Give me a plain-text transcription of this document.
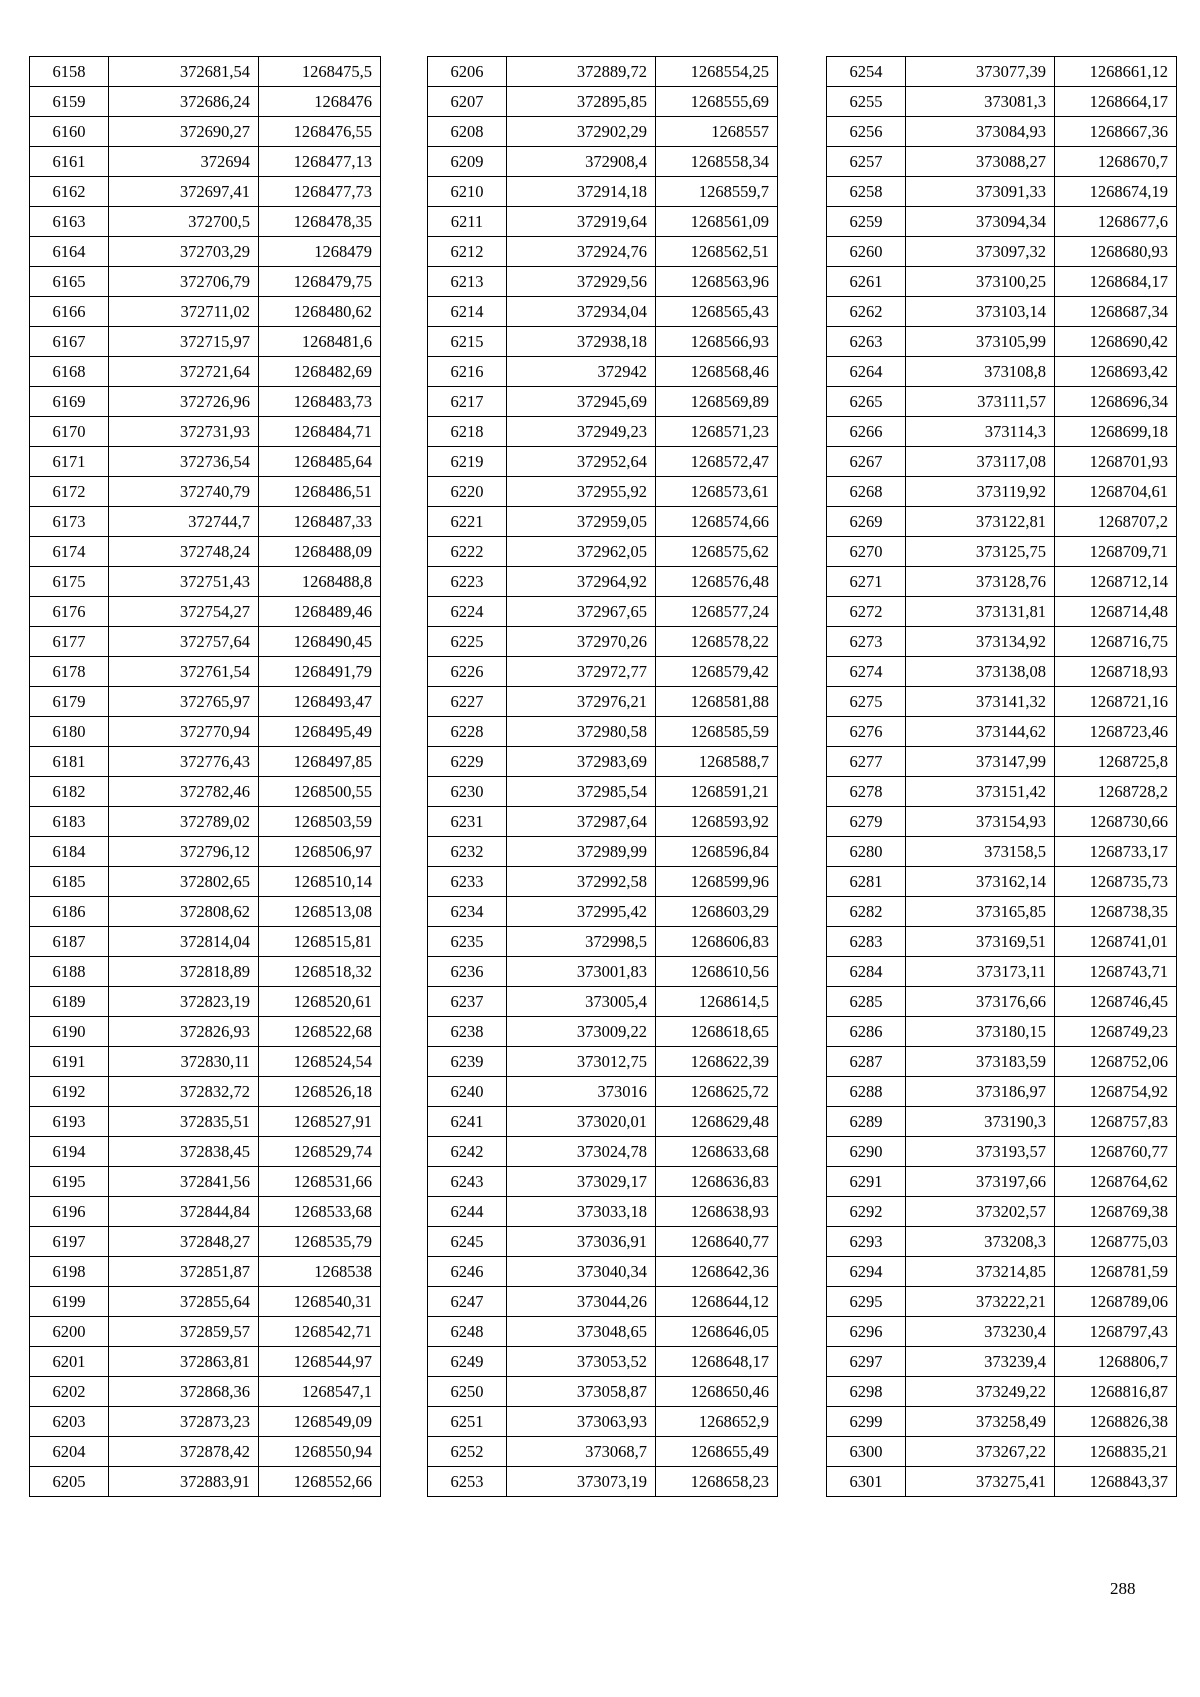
6158	372681,54	1268475,5
6159	372686,24	1268476
6160	372690,27	1268476,55
6161	372694	1268477,13
6162	372697,41	1268477,73
6163	372700,5	1268478,35
6164	372703,29	1268479
6165	372706,79	1268479,75
6166	372711,02	1268480,62
6167	372715,97	1268481,6
6168	372721,64	1268482,69
6169	372726,96	1268483,73
6170	372731,93	1268484,71
6171	372736,54	1268485,64
6172	372740,79	1268486,51
6173	372744,7	1268487,33
6174	372748,24	1268488,09
6175	372751,43	1268488,8
6176	372754,27	1268489,46
6177	372757,64	1268490,45
6178	372761,54	1268491,79
6179	372765,97	1268493,47
6180	372770,94	1268495,49
6181	372776,43	1268497,85
6182	372782,46	1268500,55
6183	372789,02	1268503,59
6184	372796,12	1268506,97
6185	372802,65	1268510,14
6186	372808,62	1268513,08
6187	372814,04	1268515,81
6188	372818,89	1268518,32
6189	372823,19	1268520,61
6190	372826,93	1268522,68
6191	372830,11	1268524,54
6192	372832,72	1268526,18
6193	372835,51	1268527,91
6194	372838,45	1268529,74
6195	372841,56	1268531,66
6196	372844,84	1268533,68
6197	372848,27	1268535,79
6198	372851,87	1268538
6199	372855,64	1268540,31
6200	372859,57	1268542,71
6201	372863,81	1268544,97
6202	372868,36	1268547,1
6203	372873,23	1268549,09
6204	372878,42	1268550,94
6205	372883,91	1268552,66
6206	372889,72	1268554,25
6207	372895,85	1268555,69
6208	372902,29	1268557
6209	372908,4	1268558,34
6210	372914,18	1268559,7
6211	372919,64	1268561,09
6212	372924,76	1268562,51
6213	372929,56	1268563,96
6214	372934,04	1268565,43
6215	372938,18	1268566,93
6216	372942	1268568,46
6217	372945,69	1268569,89
6218	372949,23	1268571,23
6219	372952,64	1268572,47
6220	372955,92	1268573,61
6221	372959,05	1268574,66
6222	372962,05	1268575,62
6223	372964,92	1268576,48
6224	372967,65	1268577,24
6225	372970,26	1268578,22
6226	372972,77	1268579,42
6227	372976,21	1268581,88
6228	372980,58	1268585,59
6229	372983,69	1268588,7
6230	372985,54	1268591,21
6231	372987,64	1268593,92
6232	372989,99	1268596,84
6233	372992,58	1268599,96
6234	372995,42	1268603,29
6235	372998,5	1268606,83
6236	373001,83	1268610,56
6237	373005,4	1268614,5
6238	373009,22	1268618,65
6239	373012,75	1268622,39
6240	373016	1268625,72
6241	373020,01	1268629,48
6242	373024,78	1268633,68
6243	373029,17	1268636,83
6244	373033,18	1268638,93
6245	373036,91	1268640,77
6246	373040,34	1268642,36
6247	373044,26	1268644,12
6248	373048,65	1268646,05
6249	373053,52	1268648,17
6250	373058,87	1268650,46
6251	373063,93	1268652,9
6252	373068,7	1268655,49
6253	373073,19	1268658,23
6254	373077,39	1268661,12
6255	373081,3	1268664,17
6256	373084,93	1268667,36
6257	373088,27	1268670,7
6258	373091,33	1268674,19
6259	373094,34	1268677,6
6260	373097,32	1268680,93
6261	373100,25	1268684,17
6262	373103,14	1268687,34
6263	373105,99	1268690,42
6264	373108,8	1268693,42
6265	373111,57	1268696,34
6266	373114,3	1268699,18
6267	373117,08	1268701,93
6268	373119,92	1268704,61
6269	373122,81	1268707,2
6270	373125,75	1268709,71
6271	373128,76	1268712,14
6272	373131,81	1268714,48
6273	373134,92	1268716,75
6274	373138,08	1268718,93
6275	373141,32	1268721,16
6276	373144,62	1268723,46
6277	373147,99	1268725,8
6278	373151,42	1268728,2
6279	373154,93	1268730,66
6280	373158,5	1268733,17
6281	373162,14	1268735,73
6282	373165,85	1268738,35
6283	373169,51	1268741,01
6284	373173,11	1268743,71
6285	373176,66	1268746,45
6286	373180,15	1268749,23
6287	373183,59	1268752,06
6288	373186,97	1268754,92
6289	373190,3	1268757,83
6290	373193,57	1268760,77
6291	373197,66	1268764,62
6292	373202,57	1268769,38
6293	373208,3	1268775,03
6294	373214,85	1268781,59
6295	373222,21	1268789,06
6296	373230,4	1268797,43
6297	373239,4	1268806,7
6298	373249,22	1268816,87
6299	373258,49	1268826,38
6300	373267,22	1268835,21
6301	373275,41	1268843,37
288
